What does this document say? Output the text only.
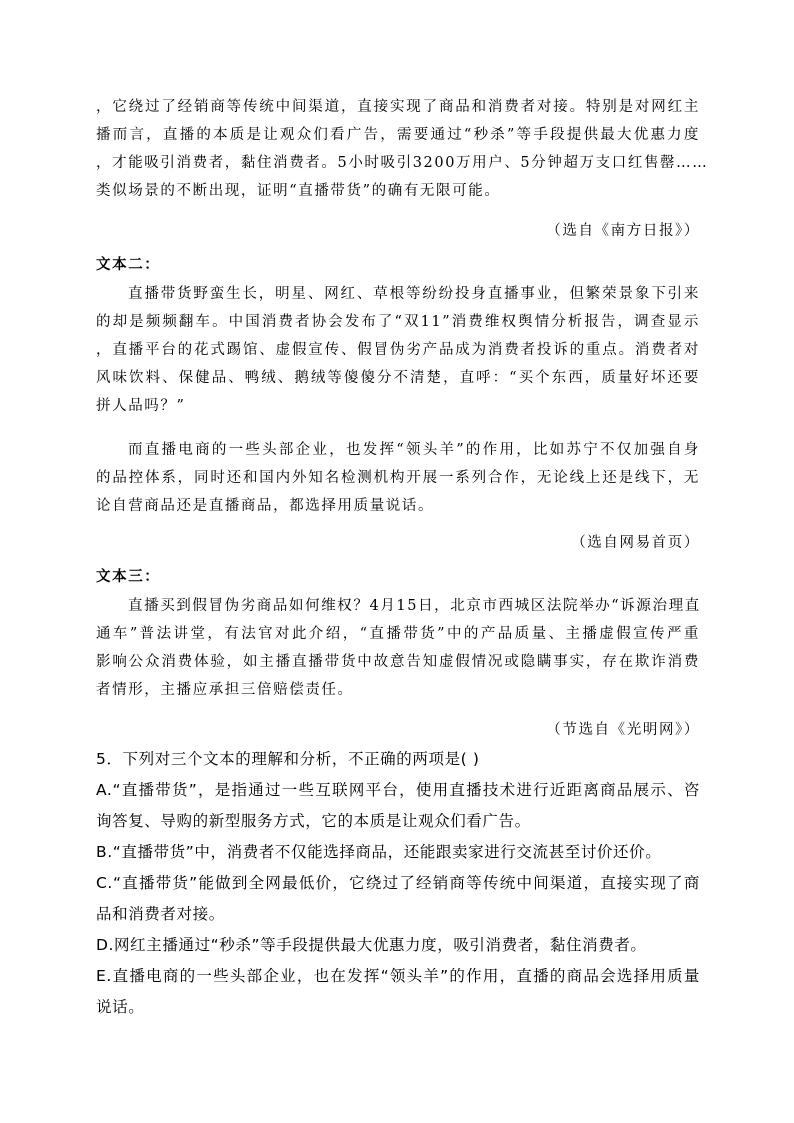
，它绕过了经销商等传统中间渠道，直接实现了商品和消费者对接。特别是对网红主
播而言，直播的本质是让观众们看广告，需要通过“秒杀”等手段提供最大优惠力度
，才能吸引消费者，黏住消费者。5小时吸引3200万用户、5分钟超万支口红售罄……
类似场景的不断出现，证明“直播带货”的确有无限可能。
（选自《南方日报》）
文本二：
直播带货野蛮生长，明星、网红、草根等纷纷投身直播事业，但繁荣景象下引来
的却是频频翻车。中国消费者协会发布了“双11”消费维权舆情分析报告，调查显示
，直播平台的花式踢馆、虚假宣传、假冒伪劣产品成为消费者投诉的重点。消费者对
风味饮料、保健品、鸭绒、鹅绒等傻傻分不清楚，直呼：“买个东西，质量好坏还要
拼人品吗？”
而直播电商的一些头部企业，也发挥“领头羊”的作用，比如苏宁不仅加强自身
的品控体系，同时还和国内外知名检测机构开展一系列合作，无论线上还是线下，无
论自营商品还是直播商品，都选择用质量说话。
（选自网易首页）
文本三：
直播买到假冒伪劣商品如何维权？4月15日，北京市西城区法院举办“诉源治理直
通车”普法讲堂，有法官对此介绍，“直播带货”中的产品质量、主播虚假宣传严重
影响公众消费体验，如主播直播带货中故意告知虚假情况或隐瞒事实，存在欺诈消费
者情形，主播应承担三倍赔偿责任。
（节选自《光明网》）
5．下列对三个文本的理解和分析，不正确的两项是( )
A.“直播带货”，是指通过一些互联网平台，使用直播技术进行近距离商品展示、咨
询答复、导购的新型服务方式，它的本质是让观众们看广告。
B.“直播带货”中，消费者不仅能选择商品，还能跟卖家进行交流甚至讨价还价。
C.“直播带货”能做到全网最低价，它绕过了经销商等传统中间渠道，直接实现了商
品和消费者对接。
D.网红主播通过“秒杀”等手段提供最大优惠力度，吸引消费者，黏住消费者。
E.直播电商的一些头部企业，也在发挥“领头羊”的作用，直播的商品会选择用质量
说话。
